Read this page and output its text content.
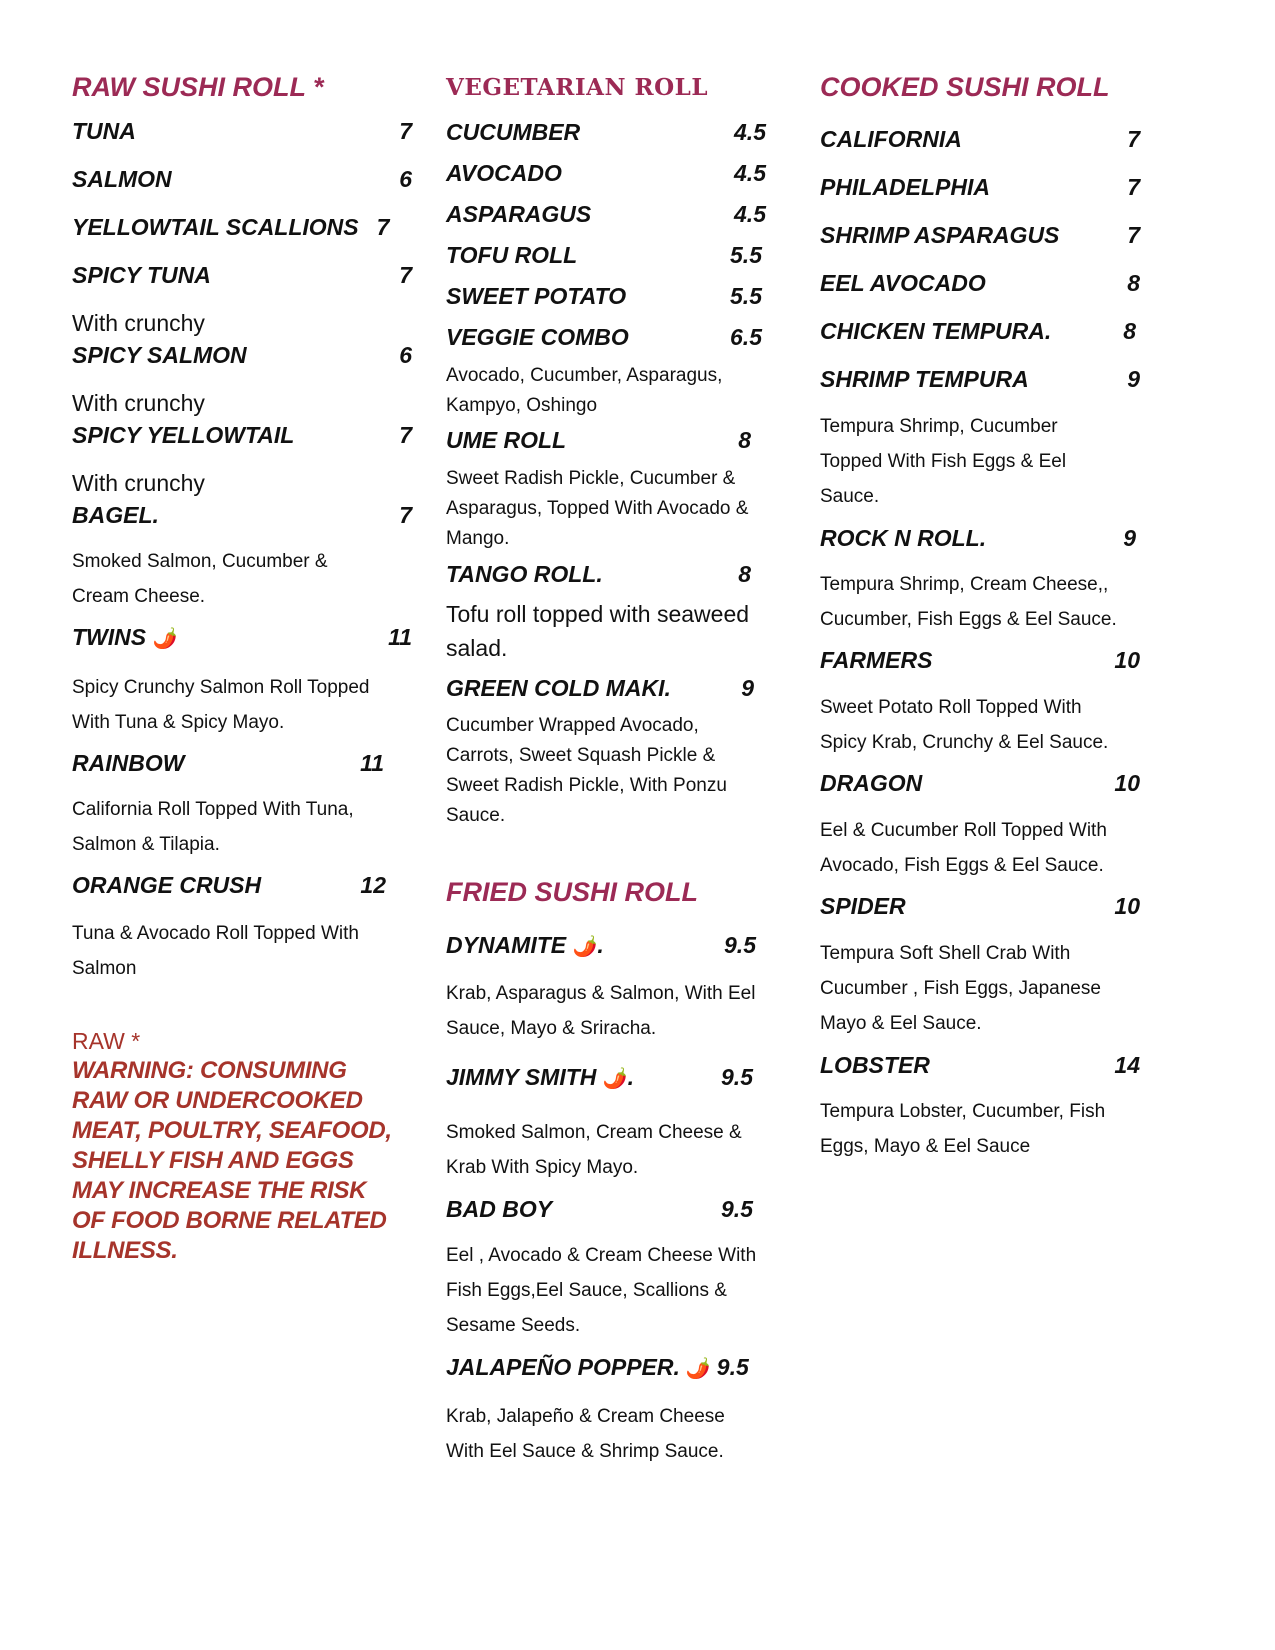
RAW SUSHI ROLL *
TUNA	7
SALMON	6
YELLOWTAIL SCALLIONS 7
SPICY TUNA	7
With crunchy
SPICY SALMON	6
With crunchy
SPICY YELLOWTAIL	7
With crunchy
BAGEL.	7
Smoked Salmon, Cucumber & Cream Cheese.
TWINS 🌶️	11
Spicy Crunchy Salmon Roll Topped With Tuna & Spicy Mayo.
RAINBOW	11
California Roll Topped With Tuna, Salmon & Tilapia.
ORANGE CRUSH	12
Tuna & Avocado Roll Topped With Salmon
RAW *
WARNING: CONSUMING RAW OR UNDERCOOKED MEAT, POULTRY, SEAFOOD, SHELLY FISH AND EGGS MAY INCREASE THE RISK OF FOOD BORNE RELATED ILLNESS.
VEGETARIAN ROLL
CUCUMBER	4.5
AVOCADO	4.5
ASPARAGUS	4.5
TOFU ROLL	5.5
SWEET POTATO	5.5
VEGGIE COMBO	6.5
Avocado, Cucumber, Asparagus, Kampyo, Oshingo
UME ROLL	8
Sweet Radish Pickle, Cucumber & Asparagus, Topped With Avocado & Mango.
TANGO ROLL.	8
Tofu roll topped with seaweed salad.
GREEN COLD MAKI.	9
Cucumber Wrapped Avocado, Carrots, Sweet Squash Pickle & Sweet Radish Pickle, With Ponzu Sauce.
FRIED SUSHI ROLL
DYNAMITE 🌶️.	9.5
Krab, Asparagus & Salmon, With Eel Sauce, Mayo & Sriracha.
JIMMY SMITH 🌶️.	9.5
Smoked Salmon, Cream Cheese & Krab With Spicy Mayo.
BAD BOY	9.5
Eel , Avocado & Cream Cheese With Fish Eggs,Eel Sauce, Scallions & Sesame Seeds.
JALAPEÑO POPPER. 🌶️ 9.5
Krab, Jalapeño & Cream Cheese With Eel Sauce & Shrimp Sauce.
COOKED SUSHI ROLL
CALIFORNIA	7
PHILADELPHIA	7
SHRIMP ASPARAGUS	7
EEL AVOCADO	8
CHICKEN TEMPURA.	8
SHRIMP TEMPURA	9
Tempura Shrimp, Cucumber Topped With Fish Eggs & Eel Sauce.
ROCK N ROLL.	9
Tempura Shrimp, Cream Cheese,, Cucumber, Fish Eggs & Eel Sauce.
FARMERS	10
Sweet Potato Roll Topped With Spicy Krab, Crunchy & Eel Sauce.
DRAGON	10
Eel & Cucumber Roll Topped With Avocado, Fish Eggs & Eel Sauce.
SPIDER	10
Tempura Soft Shell Crab With Cucumber , Fish Eggs, Japanese Mayo & Eel Sauce.
LOBSTER	14
Tempura Lobster, Cucumber, Fish Eggs, Mayo & Eel Sauce
